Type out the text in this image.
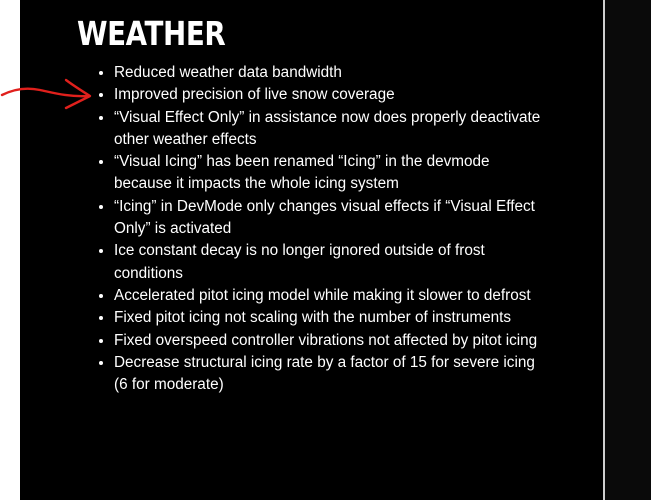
WEATHER
• Reduced weather data bandwidth
• Improved precision of live snow coverage
• “Visual Effect Only” in assistance now does properly deactivate other weather effects
• “Visual Icing” has been renamed “Icing” in the devmode because it impacts the whole icing system
• “Icing” in DevMode only changes visual effects if “Visual Effect Only” is activated
• Ice constant decay is no longer ignored outside of frost conditions
• Accelerated pitot icing model while making it slower to defrost
• Fixed pitot icing not scaling with the number of instruments
• Fixed overspeed controller vibrations not affected by pitot icing
• Decrease structural icing rate by a factor of 15 for severe icing (6 for moderate)
